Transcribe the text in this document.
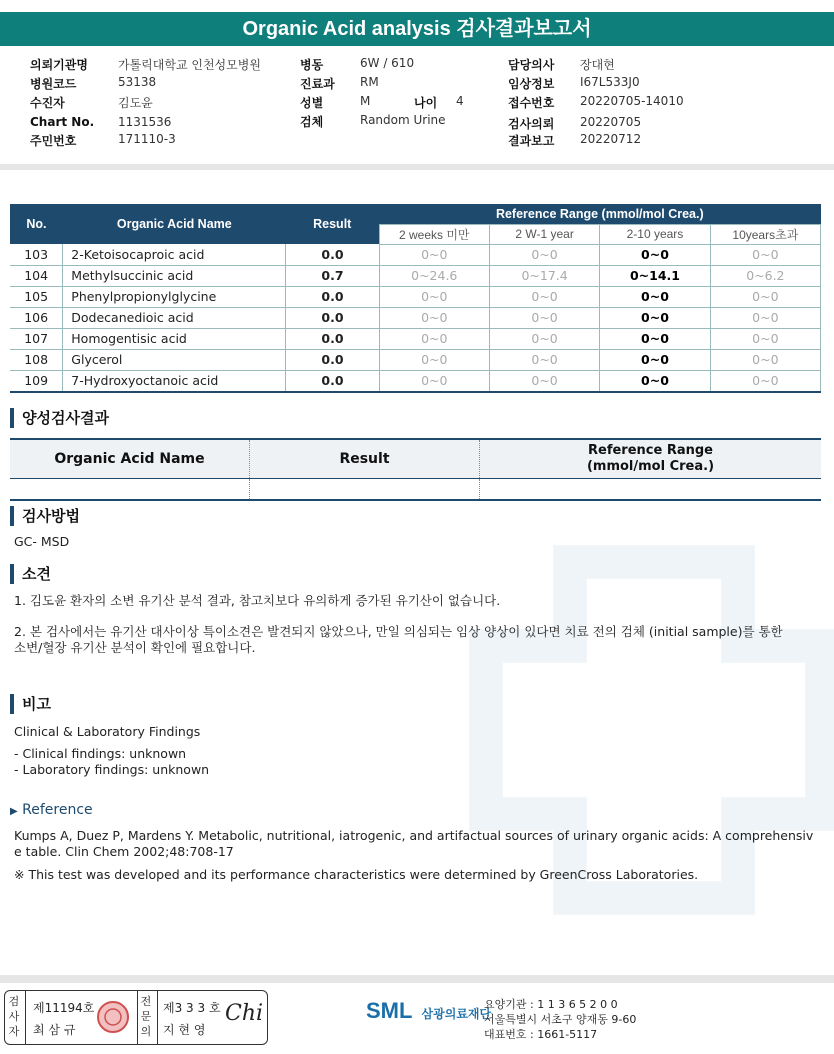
Organic Acid analysis 검사결과보고서
의뢰기관명	가톨릭대학교 인천성모병원
병원코드	53138
수진자	김도윤
Chart No. 1131536
주민번호	171110-3
병동	6W / 610
진료과 RM
성별	M	나이 4
검체	Random Urine
담당의사 장대현
임상정보 I67L533J0
접수번호 20220705-14010
검사의뢰 20220705
결과보고 20220712
No.	Organic Acid Name	Result	Reference Range (mmol/mol Crea.)			
			2 weeks 미만	2 W-1 year	2-10 years	10years초과
103	2-Ketoisocaproic acid	0.0	0~0	0~0	0~0	0~0
104	Methylsuccinic acid	0.7	0~24.6	0~17.4	0~14.1	0~6.2
105	Phenylpropionylglycine	0.0	0~0	0~0	0~0	0~0
106	Dodecanedioic acid	0.0	0~0	0~0	0~0	0~0
107	Homogentisic acid	0.0	0~0	0~0	0~0	0~0
108	Glycerol	0.0	0~0	0~0	0~0	0~0
109	7-Hydroxyoctanoic acid	0.0	0~0	0~0	0~0	0~0
양성검사결과
Organic Acid Name	Result	Reference Range
(mmol/mol Crea.)

검사방법
GC- MSD
소견
1. 김도윤 환자의 소변 유기산 분석 결과, 참고치보다 유의하게 증가된 유기산이 없습니다.
2. 본 검사에서는 유기산 대사이상 특이소견은 발견되지 않았으나, 만일 의심되는 임상 양상이 있다면 치료 전의 검체 (initial sample)를 통한
소변/혈장 유기산 분석이 확인에 필요합니다.
비고
Clinical & Laboratory Findings
- Clinical findings: unknown
- Laboratory findings: unknown
▶ Reference
Kumps A, Duez P, Mardens Y. Metabolic, nutritional, iatrogenic, and artifactual sources of urinary organic acids: A comprehensiv
e table. Clin Chem 2002;48:708-17
※ This test was developed and its performance characteristics were determined by GreenCross Laboratories.
검사자
제11194호
최 삼 규
전문의
제3 3 3 호
지 현 영
Chi	SML 삼광의료재단
요양기관 : 1 1 3 6 5 2 0 0
서울특별시 서초구 양재동 9-60
대표번호 : 1661-5117
